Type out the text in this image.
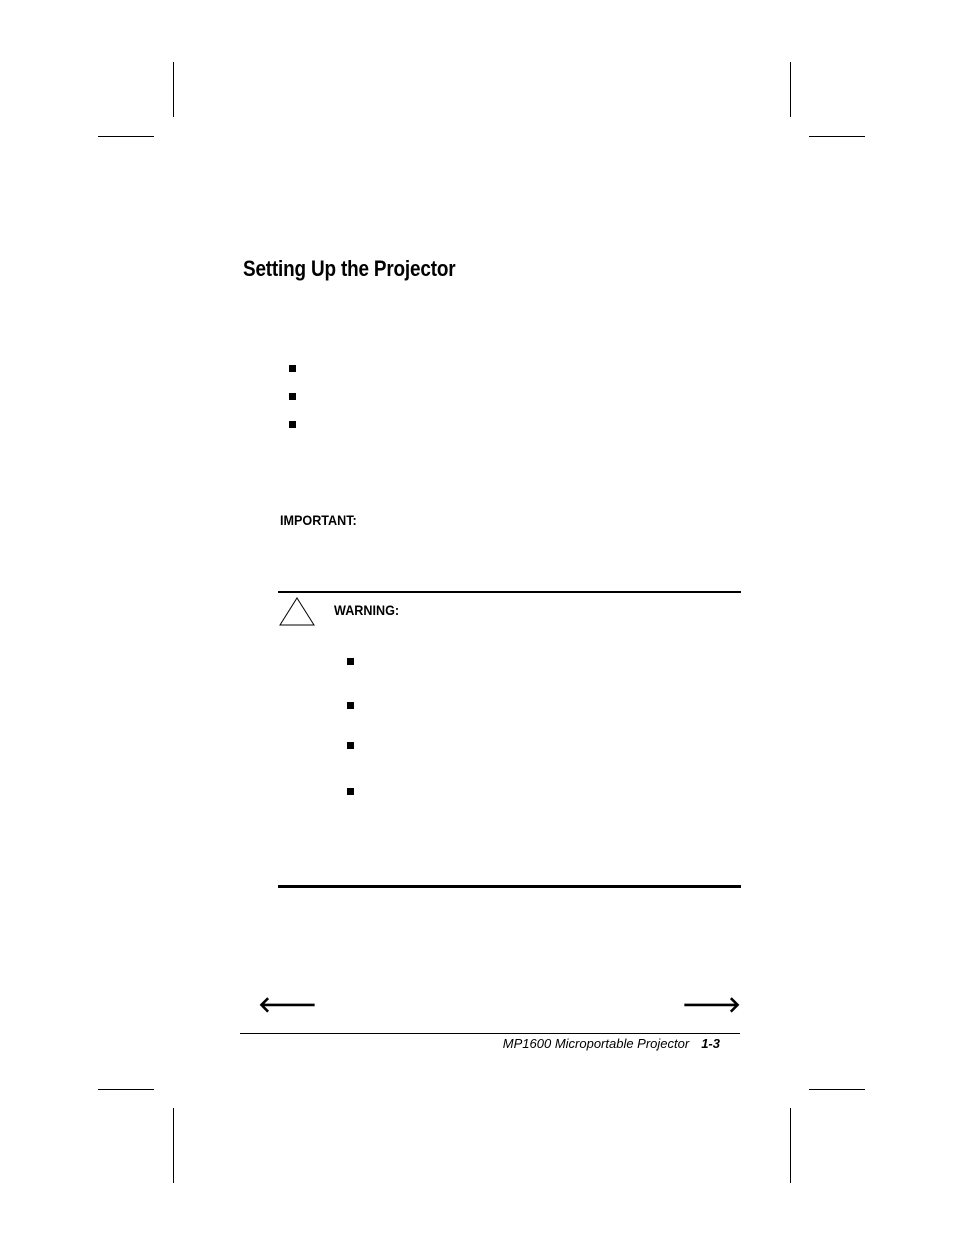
Setting Up the Projector
IMPORTANT:
WARNING:
🡐	🡒
MP1600 Microportable Projector 1-3
